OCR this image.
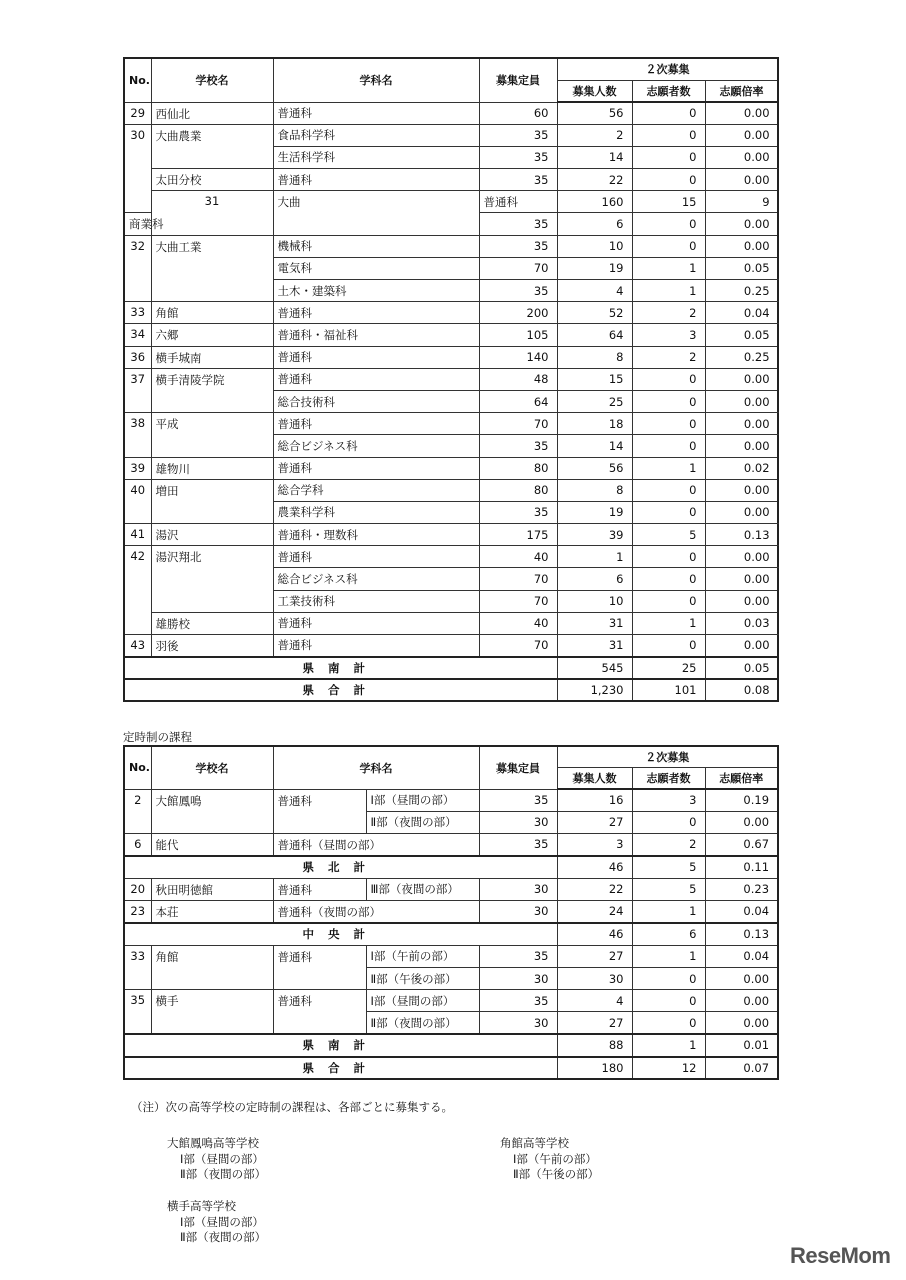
No.	学校名	学科名	募集定員	２次募集			
				募集人数	志願者数	志願倍率	
29	西仙北	普通科	60	56	0	0.00	
30	大曲農業	食品科学科	35	2	0	0.00	
		生活科学科	35	14	0	0.00	
	太田分校	普通科	35	22	0	0.00	
	31	大曲	普通科	160	15	9	
商業科			35	6	0	0.00	
32	大曲工業	機械科	35	10	0	0.00	
		電気科	70	19	1	0.05	
		土木・建築科	35	4	1	0.25	
33	角館	普通科	200	52	2	0.04	
34	六郷	普通科・福祉科	105	64	3	0.05	
36	横手城南	普通科	140	8	2	0.25	
37	横手清陵学院	普通科	48	15	0	0.00	
		総合技術科	64	25	0	0.00	
38	平成	普通科	70	18	0	0.00	
		総合ビジネス科	35	14	0	0.00	
39	雄物川	普通科	80	56	1	0.02	
40	増田	総合学科	80	8	0	0.00	
		農業科学科	35	19	0	0.00	
41	湯沢	普通科・理数科	175	39	5	0.13	
42	湯沢翔北	普通科	40	1	0	0.00	
		総合ビジネス科	70	6	0	0.00	
		工業技術科	70	10	0	0.00	
	雄勝校	普通科	40	31	1	0.03	
43	羽後	普通科	70	31	0	0.00	
県南計				545	25	0.05	
県合計				1,230	101	0.08	
定時制の課程
No.	学校名	学科名		募集定員	２次募集		
					募集人数	志願者数	志願倍率
2	大館鳳鳴	普通科	Ⅰ部（昼間の部）	35	16	3	0.19
			Ⅱ部（夜間の部）	30	27	0	0.00
6	能代	普通科（昼間の部）		35	3	2	0.67
県北計					46	5	0.11
20	秋田明徳館	普通科	Ⅲ部（夜間の部）	30	22	5	0.23
23	本荘	普通科（夜間の部）		30	24	1	0.04
中央計					46	6	0.13
33	角館	普通科	Ⅰ部（午前の部）	35	27	1	0.04
			Ⅱ部（午後の部）	30	30	0	0.00
35	横手	普通科	Ⅰ部（昼間の部）	35	4	0	0.00
			Ⅱ部（夜間の部）	30	27	0	0.00
県南計					88	1	0.01
県合計					180	12	0.07
（注）次の高等学校の定時制の課程は、各部ごとに募集する。
大館鳳鳴高等学校
Ⅰ部（昼間の部）
Ⅱ部（夜間の部）
角館高等学校
Ⅰ部（午前の部）
Ⅱ部（午後の部）
横手高等学校
Ⅰ部（昼間の部）
Ⅱ部（夜間の部）
ReseMom
